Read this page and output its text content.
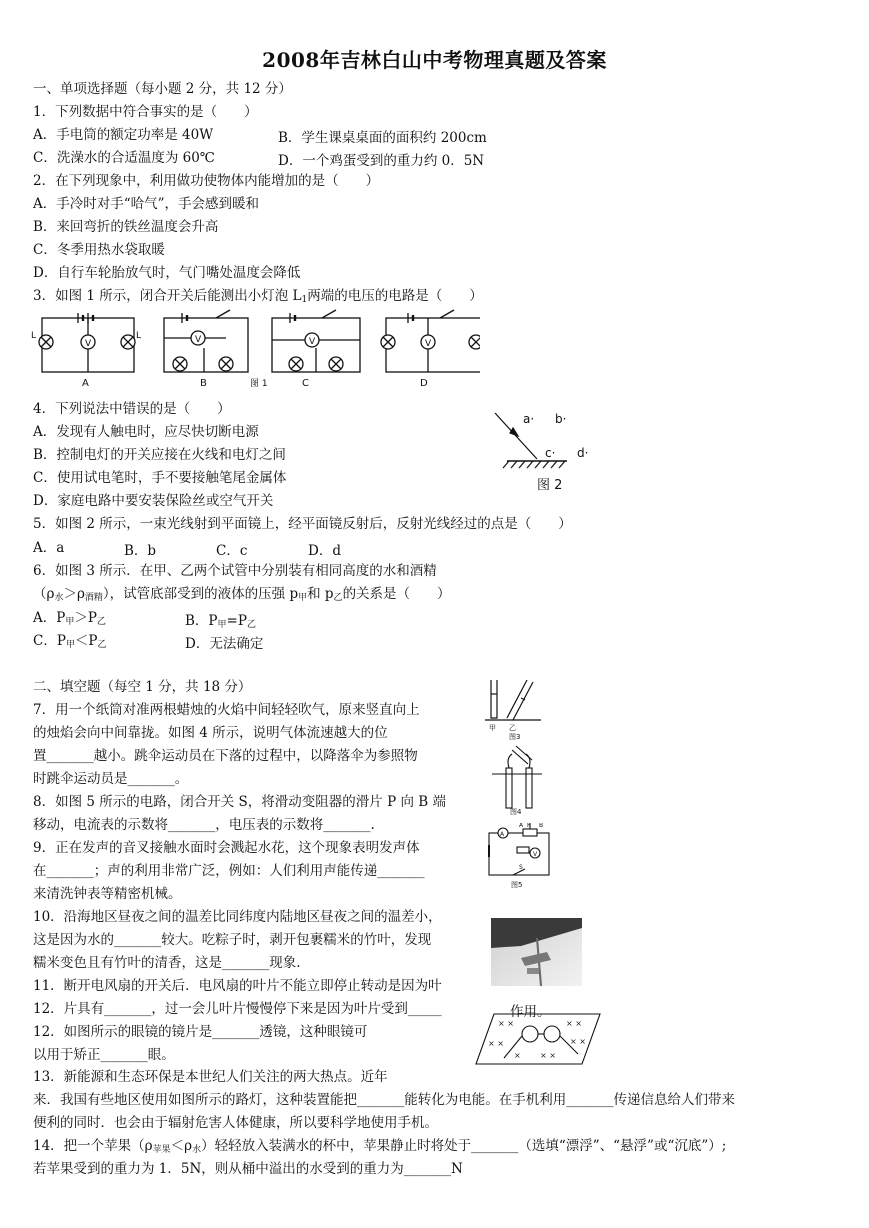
2008年吉林白山中考物理真题及答案
一、单项选择题（每小题 2 分，共 12 分）
1．下列数据中符合事实的是（　　）
A．手电筒的额定功率是 40W	B．学生课桌桌面的面积约 200cm
C．洗澡水的合适温度为 60℃	D．一个鸡蛋受到的重力约 0．5N
2．在下列现象中，利用做功使物体内能增加的是（　　）
A．手冷时对手“哈气”，手会感到暖和
B．来回弯折的铁丝温度会升高
C．冬季用热水袋取暖
D．自行车轮胎放气时，气门嘴处温度会降低
3．如图 1 所示，闭合开关后能测出小灯泡 $L_1$两端的电压的电路是（　　）
V	V	V	V
L	L
A	B	C	D
图 1
4．下列说法中错误的是（　　）
A．发现有人触电时，应尽快切断电源
B．控制电灯的开关应接在火线和电灯之间
C．使用试电笔时，手不要接触笔尾金属体
D．家庭电路中要安装保险丝或空气开关
a· b·
c· d·
图 2
5．如图 2 所示，一束光线射到平面镜上，经平面镜反射后，反射光线经过的点是（　　）
A．a	B．b	C．c	D．d
6．如图 3 所示．在甲、乙两个试管中分别装有相同高度的水和酒精
$(\rho_水>\rho_{酒精})$，试管底部受到的液体的压强 $p_甲$和 $p_乙$的关系是（　　）
A．$P_甲>P_乙$	B．$P_甲=P_乙$
C．$P_甲<P_乙$	D．无法确定
二、填空题（每空 1 分，共 18 分）
甲 乙
图3
7．用一个纸筒对准两根蜡烛的火焰中间轻轻吹气，原来竖直向上
的烛焰会向中间靠拢。如图 4 所示，说明气体流速越大的位
置_______越小。跳伞运动员在下落的过程中，以降落伞为参照物
时跳伞运动员是_______。
图4
8．如图 5 所示的电路，闭合开关 S，将滑动变阻器的滑片 P 向 B 端
移动，电流表的示数将_______，电压表的示数将_______.
A
V
P
A	B
S
图5
9．正在发声的音叉接触水面时会溅起水花，这个现象表明发声体
在_______；声的利用非常广泛，例如：人们利用声能传递_______
来清洗钟表等精密机械。
10．沿海地区昼夜之间的温差比同纬度内陆地区昼夜之间的温差小，
这是因为水的_______较大。吃粽子时，剥开包裹糯米的竹叶，发现
糯米变色且有竹叶的清香，这是_______现象.
11．断开电风扇的开关后．电风扇的叶片不能立即停止转动是因为叶
12．片具有_______，过一会儿叶片慢慢停下来是因为叶片受到_____	作用。
× ×	× ×
× ×	× ×
× × ×
12．如图所示的眼镜的镜片是_______透镜，这种眼镜可
以用于矫正_______眼。
13．新能源和生态环保是本世纪人们关注的两大热点。近年
来．我国有些地区使用如图所示的路灯，这种装置能把_______能转化为电能。在手机利用_______传递信息给人们带来
便利的同时．也会由于辐射危害人体健康，所以要科学地使用手机。
14．把一个苹果$(\rho_{苹果}<\rho_水)$轻轻放入装满水的杯中，苹果静止时将处于_______（选填“漂浮”、“悬浮”或“沉底”）;
若苹果受到的重力为 1．5N，则从桶中溢出的水受到的重力为_______N
